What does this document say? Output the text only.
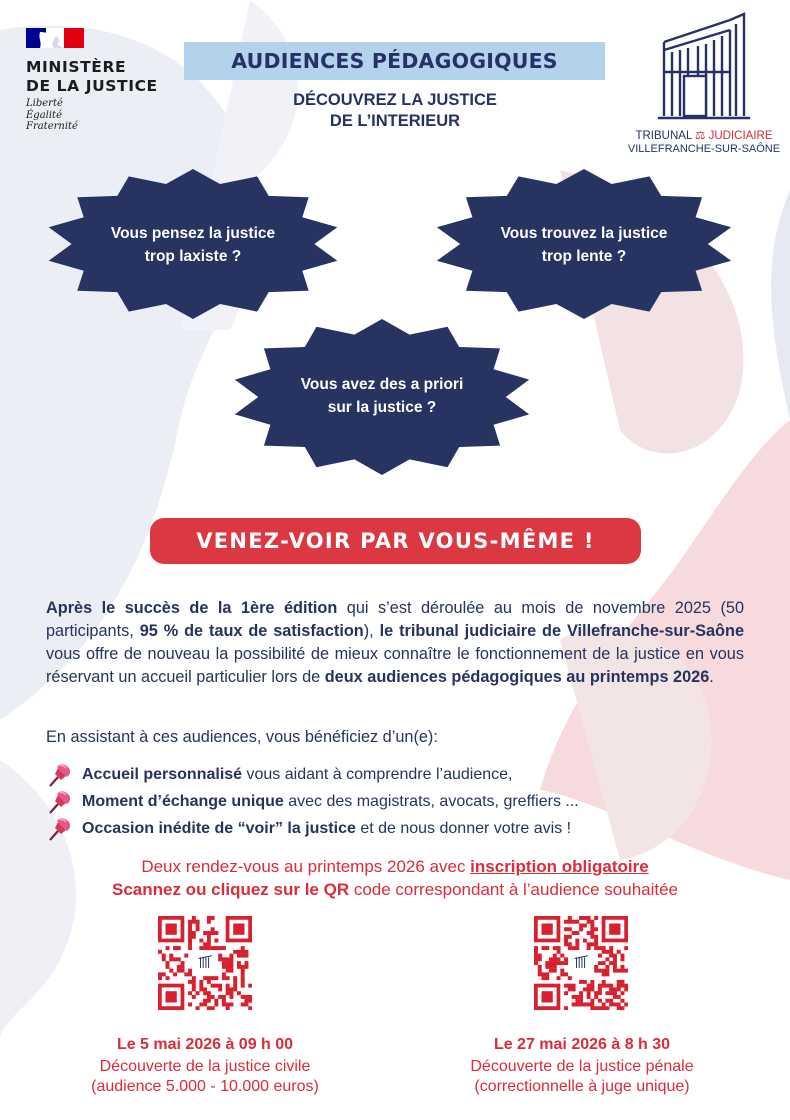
MINISTÈRE
DE LA JUSTICE
Liberté
Égalité
Fraternité
AUDIENCES PÉDAGOGIQUES
DÉCOUVREZ LA JUSTICE
DE L’INTERIEUR
TRIBUNAL ⚖ JUDICIAIRE
VILLEFRANCHE-SUR-SAÔNE
Vous pensez la justice
trop laxiste ?
Vous trouvez la justice
trop lente ?
Vous avez des a priori
sur la justice ?
VENEZ-VOIR PAR VOUS-MÊME !
Après le succès de la 1ère édition qui s’est déroulée au mois de novembre 2025 (50 participants, 95 % de taux de satisfaction), le tribunal judiciaire de Villefranche-sur-Saône vous offre de nouveau la possibilité de mieux connaître le fonctionnement de la justice en vous réservant un accueil particulier lors de deux audiences pédagogiques au printemps 2026.
En assistant à ces audiences, vous bénéficiez d’un(e):
Accueil personnalisé vous aidant à comprendre l’audience,
Moment d’échange unique avec des magistrats, avocats, greffiers ...
Occasion inédite de “voir” la justice et de nous donner votre avis !
Deux rendez-vous au printemps 2026 avec inscription obligatoire
Scannez ou cliquez sur le QR code correspondant à l’audience souhaitée
Le 5 mai 2026 à 09 h 00
Découverte de la justice civile
(audience 5.000 - 10.000 euros)
Le 27 mai 2026 à 8 h 30
Découverte de la justice pénale
(correctionnelle à juge unique)
